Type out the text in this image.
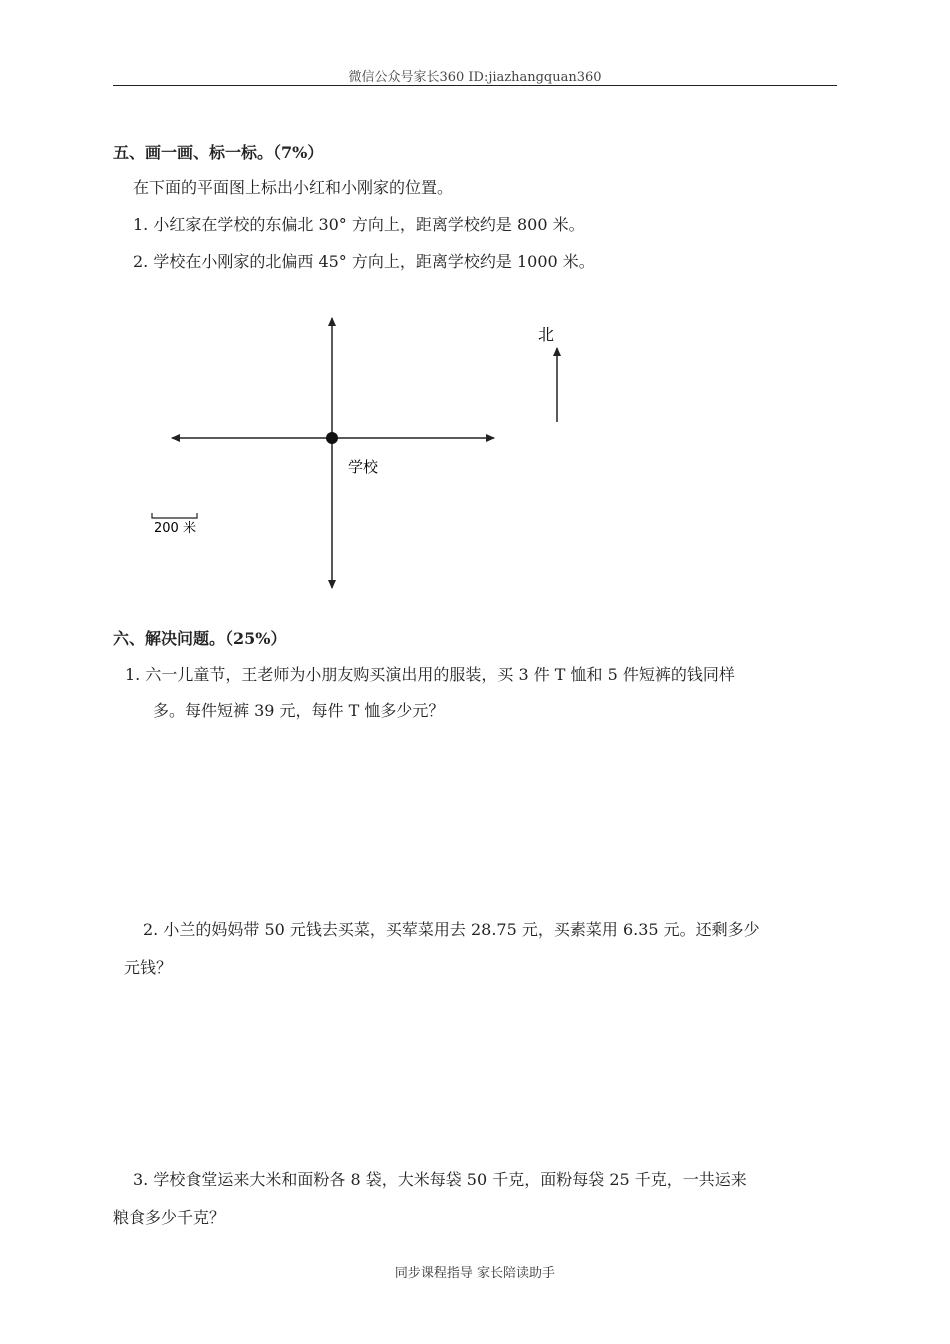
微信公众号家长360 ID:jiazhangquan360
五、画一画、标一标。（7%）
在下面的平面图上标出小红和小刚家的位置。
1. 小红家在学校的东偏北 30° 方向上，距离学校约是 800 米。
2. 学校在小刚家的北偏西 45° 方向上，距离学校约是 1000 米。
学校
北
200 米
六、解决问题。（25%）
1. 六一儿童节，王老师为小朋友购买演出用的服装，买 3 件 T 恤和 5 件短裤的钱同样
多。每件短裤 39 元，每件 T 恤多少元？
2. 小兰的妈妈带 50 元钱去买菜，买荤菜用去 28.75 元，买素菜用 6.35 元。还剩多少
元钱？
3. 学校食堂运来大米和面粉各 8 袋，大米每袋 50 千克，面粉每袋 25 千克，一共运来
粮食多少千克？
同步课程指导 家长陪读助手
